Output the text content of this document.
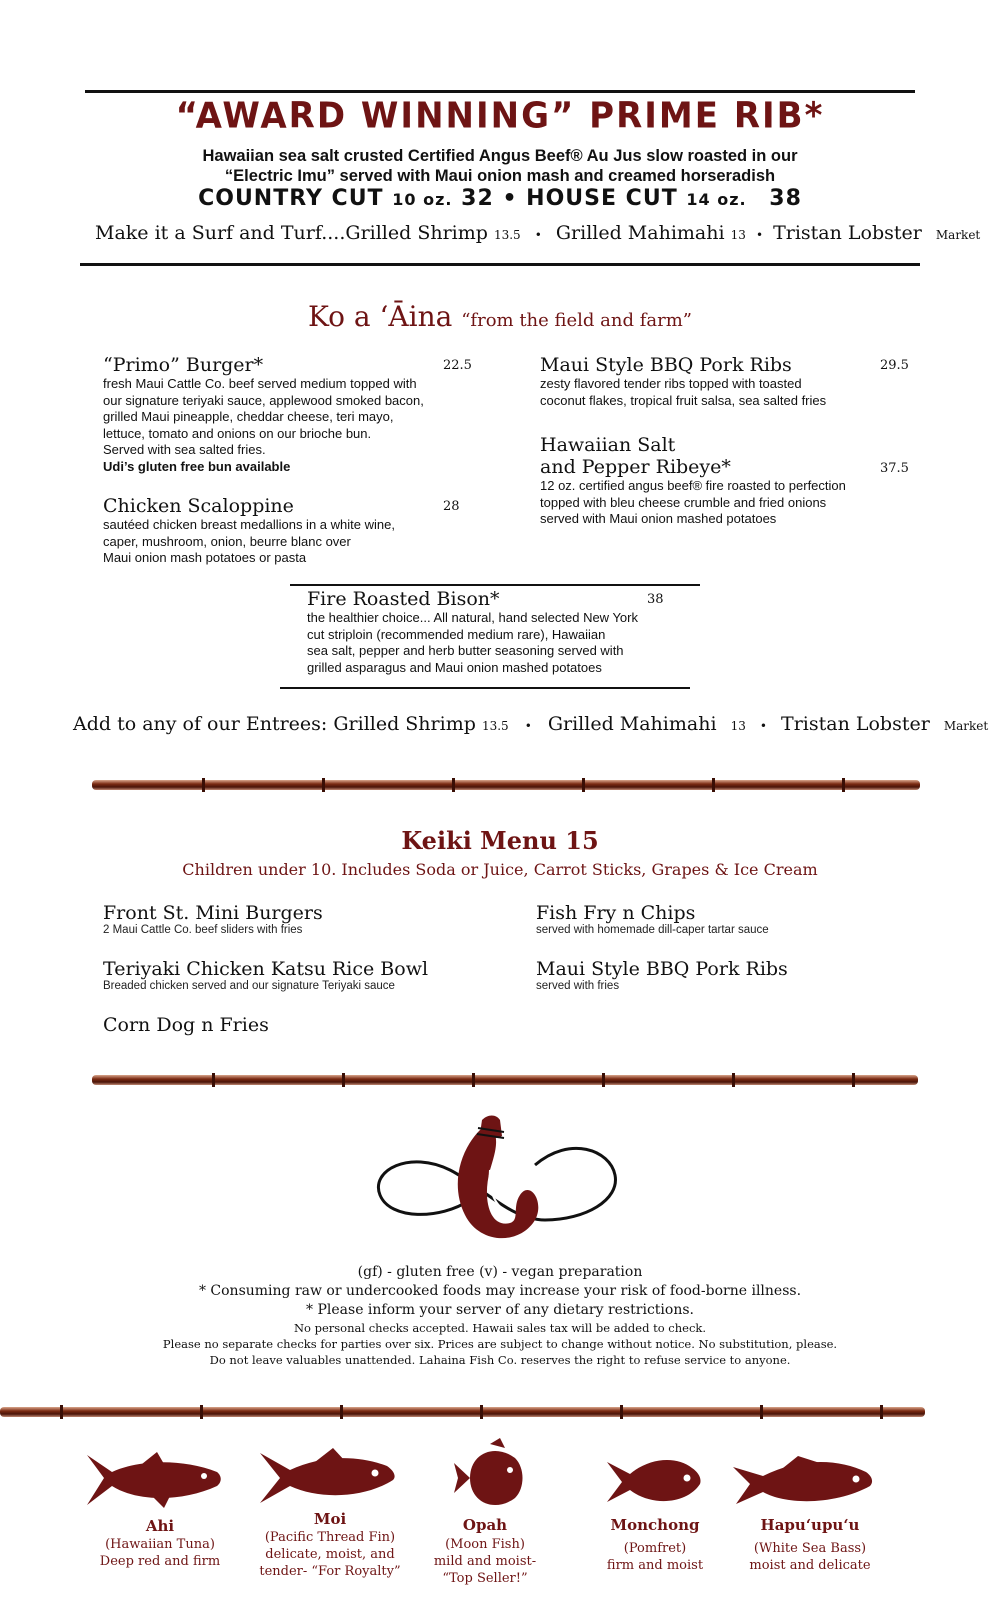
“AWARD WINNING” PRIME RIB*
Hawaiian sea salt crusted Certified Angus Beef® Au Jus slow roasted in our
“Electric Imu” served with Maui onion mash and creamed horseradish
COUNTRY CUT 10 oz. 32 • HOUSE CUT 14 oz. 38
Make it a Surf and Turf....Grilled Shrimp 13.5 • Grilled Mahimahi 13 • Tristan Lobster Market
Ko a ‘Āina “from the field and farm”
“Primo” Burger*	22.5
fresh Maui Cattle Co. beef served medium topped with
our signature teriyaki sauce, applewood smoked bacon,
grilled Maui pineapple, cheddar cheese, teri mayo,
lettuce, tomato and onions on our brioche bun.
Served with sea salted fries.
Udi’s gluten free bun available
Chicken Scaloppine	28
sautéed chicken breast medallions in a white wine,
caper, mushroom, onion, beurre blanc over
Maui onion mash potatoes or pasta
Maui Style BBQ Pork Ribs	29.5
zesty flavored tender ribs topped with toasted
coconut flakes, tropical fruit salsa, sea salted fries
Hawaiian Salt
and Pepper Ribeye*	37.5
12 oz. certified angus beef® fire roasted to perfection
topped with bleu cheese crumble and fried onions
served with Maui onion mashed potatoes
Fire Roasted Bison*	38
the healthier choice... All natural, hand selected New York
cut striploin (recommended medium rare), Hawaiian
sea salt, pepper and herb butter seasoning served with
grilled asparagus and Maui onion mashed potatoes
Add to any of our Entrees: Grilled Shrimp 13.5 • Grilled Mahimahi 13 • Tristan Lobster Market
Keiki Menu 15
Children under 10. Includes Soda or Juice, Carrot Sticks, Grapes & Ice Cream
Front St. Mini Burgers
2 Maui Cattle Co. beef sliders with fries
Teriyaki Chicken Katsu Rice Bowl
Breaded chicken served and our signature Teriyaki sauce
Corn Dog n Fries
Fish Fry n Chips
served with homemade dill-caper tartar sauce
Maui Style BBQ Pork Ribs
served with fries
(gf) - gluten free (v) - vegan preparation
* Consuming raw or undercooked foods may increase your risk of food-borne illness.
* Please inform your server of any dietary restrictions.
No personal checks accepted. Hawaii sales tax will be added to check.
Please no separate checks for parties over six. Prices are subject to change without notice. No substitution, please.
Do not leave valuables unattended. Lahaina Fish Co. reserves the right to refuse service to anyone.
Ahi
(Hawaiian Tuna)
Deep red and firm
Moi
(Pacific Thread Fin)
delicate, moist, and
tender- “For Royalty”
Opah
(Moon Fish)
mild and moist-
“Top Seller!”
Monchong
(Pomfret)
firm and moist
Hapu‘upu‘u
(White Sea Bass)
moist and delicate
